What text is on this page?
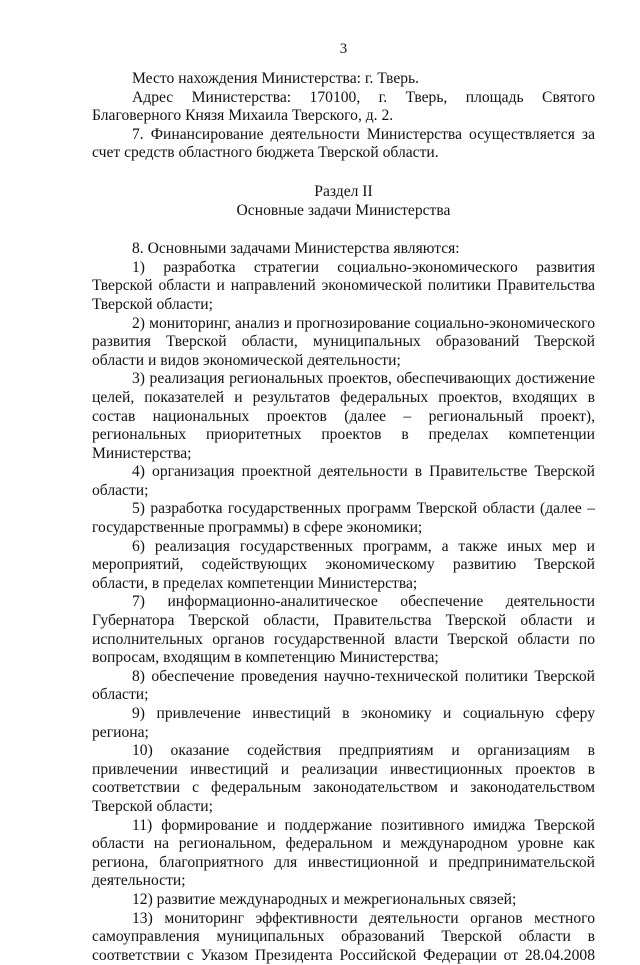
3

Место нахождения Министерства: г. Тверь.

Адрес Министерства: 170100, г. Тверь, площадь Святого Благоверного Князя Михаила Тверского, д. 2.

7. Финансирование деятельности Министерства осуществляется за счет средств областного бюджета Тверской области.

Раздел II
Основные задачи Министерства

8. Основными задачами Министерства являются:

1) разработка стратегии социально-экономического развития Тверской области и направлений экономической политики Правительства Тверской области;

2) мониторинг, анализ и прогнозирование социально-экономического развития Тверской области, муниципальных образований Тверской области и видов экономической деятельности;

3) реализация региональных проектов, обеспечивающих достижение целей, показателей и результатов федеральных проектов, входящих в состав национальных проектов (далее – региональный проект), региональных приоритетных проектов в пределах компетенции Министерства;

4) организация проектной деятельности в Правительстве Тверской области;

5) разработка государственных программ Тверской области (далее – государственные программы) в сфере экономики;

6) реализация государственных программ, а также иных мер и мероприятий, содействующих экономическому развитию Тверской области, в пределах компетенции Министерства;

7) информационно-аналитическое обеспечение деятельности Губернатора Тверской области, Правительства Тверской области и исполнительных органов государственной власти Тверской области по вопросам, входящим в компетенцию Министерства;

8) обеспечение проведения научно-технической политики Тверской области;

9) привлечение инвестиций в экономику и социальную сферу региона;

10) оказание содействия предприятиям и организациям в привлечении инвестиций и реализации инвестиционных проектов в соответствии с федеральным законодательством и законодательством Тверской области;

11) формирование и поддержание позитивного имиджа Тверской области на региональном, федеральном и международном уровне как региона, благоприятного для инвестиционной и предпринимательской деятельности;

12) развитие международных и межрегиональных связей;

13) мониторинг эффективности деятельности органов местного самоуправления муниципальных образований Тверской области в соответствии с Указом Президента Российской Федерации от 28.04.2008
